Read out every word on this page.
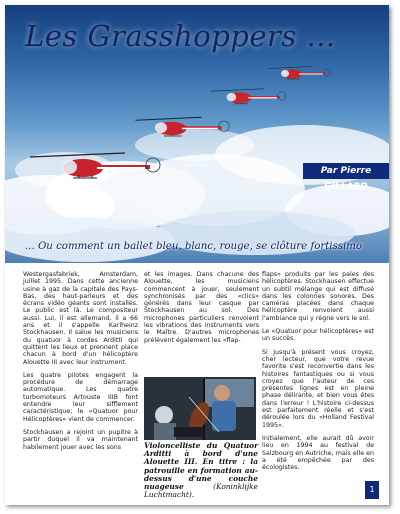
Les Grasshoppers ...
Par Pierre GILLARD
... Ou comment un ballet bleu, blanc, rouge, se clôture fortissimo

Westergasfabriek, Amsterdam, juillet 1995. Dans cette ancienne usine à gaz de la capitale des Pays-Bas, des haut-parleurs et des écrans vidéo géants sont installés. Le public est là. Le compositeur aussi. Lui, il est allemand, il a 66 ans et il s'appelle Karlheinz Stockhausen. Il salue les musiciens du quatuor à cordes Arditti qui quittent les lieux et prennent place chacun à bord d'un hélicoptère Alouette III avec leur instrument.

Les quatre pilotes engagent la procédure de démarrage automatique. Les quatre turbomoteurs Artouste IIIB font entendre leur sifflement caractéristique; le «Quatuor pour Hélicoptères» vient de commencer.

Stockhausen a rejoint un pupitre à partir duquel il va maintenant habilement jouer avec les sons

et les images. Dans chacune des Alouette, les musiciens commencent à jouer, seulement synchronisés par des «clics» générés dans leur casque par Stockhausen au sol. Des microphones particuliers renvoient les vibrations des instruments vers le Maître. D'autres microphones prélèvent également les «flap-

Violoncelliste du Quatuor Arditti à bord d'une Alouette III. En titre : la patrouille en formation au-dessus d'une couche nuageuse	(Koninklijke Luchtmacht).

flaps» produits par les pales des hélicoptères. Stockhausen effectue un subtil mélange qui est diffusé dans les colonnes sonores. Des caméras placées dans chaque hélicoptère renvoient aussi l'ambiance qui y règne vers le sol.

Le «Quatuor pour hélicoptères» est un succès.

Si jusqu'à présent vous croyez, cher lecteur, que votre revue favorite s'est reconvertie dans les histoires fantastiques ou si vous croyez que l'auteur de ces présentes lignes est en pleine phase délirante, et bien vous êtes dans l'erreur ! L'histoire ci-dessus est parfaitement réelle et s'est déroulée lors du «Holland Festival 1995».

Initialement, elle aurait dû avoir lieu en 1994 au festival de Salzbourg en Autriche, mais elle en a été empêchée par des écologistes.

1
